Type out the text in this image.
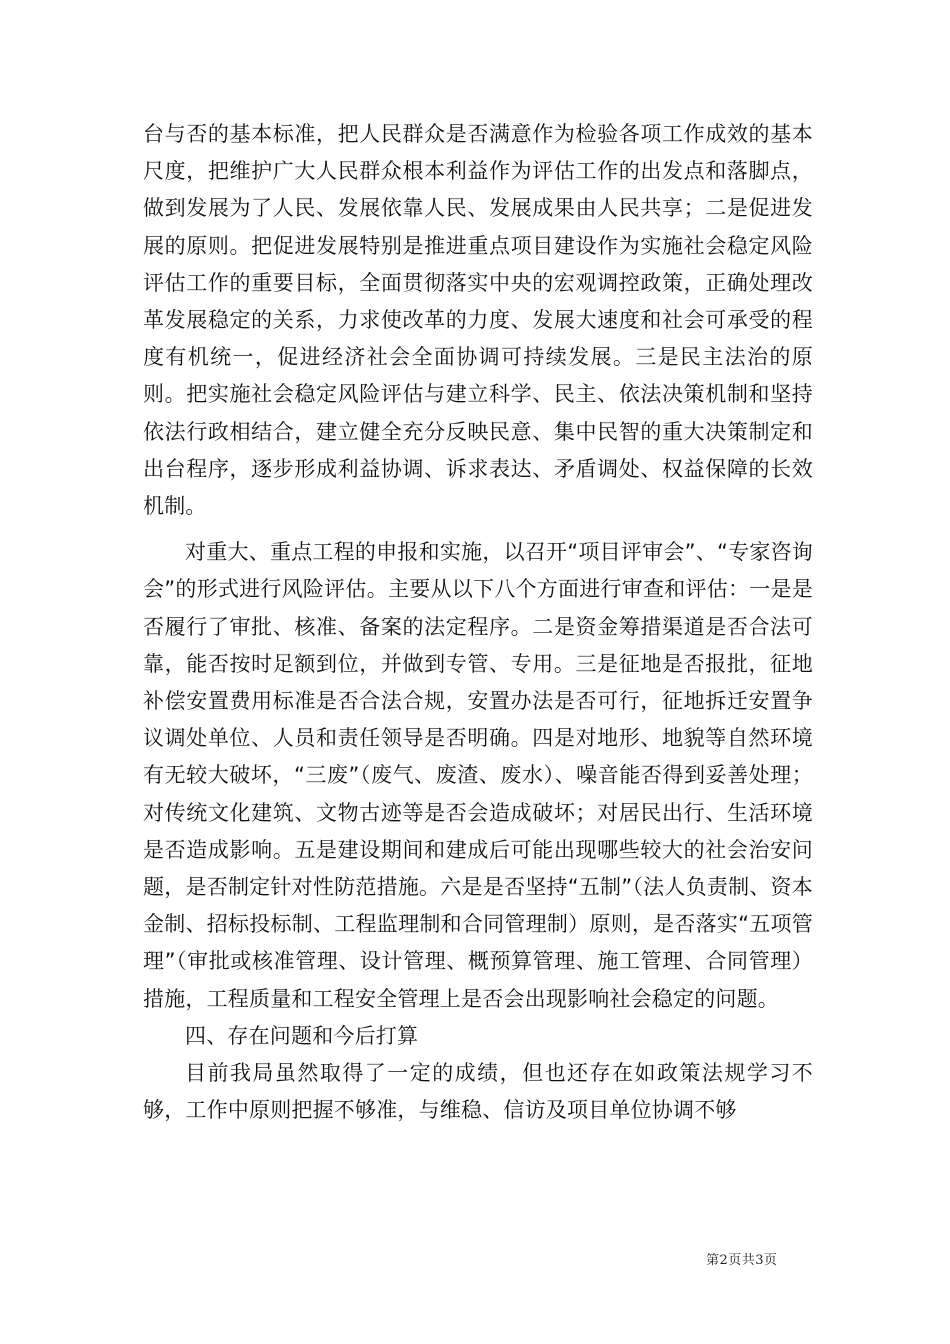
台与否的基本标准，把人民群众是否满意作为检验各项工作成效的基本尺度，把维护广大人民群众根本利益作为评估工作的出发点和落脚点，做到发展为了人民、发展依靠人民、发展成果由人民共享；二是促进发展的原则。把促进发展特别是推进重点项目建设作为实施社会稳定风险评估工作的重要目标，全面贯彻落实中央的宏观调控政策，正确处理改革发展稳定的关系，力求使改革的力度、发展大速度和社会可承受的程度有机统一，促进经济社会全面协调可持续发展。三是民主法治的原则。把实施社会稳定风险评估与建立科学、民主、依法决策机制和坚持依法行政相结合，建立健全充分反映民意、集中民智的重大决策制定和出台程序，逐步形成利益协调、诉求表达、矛盾调处、权益保障的长效机制。

对重大、重点工程的申报和实施，以召开“项目评审会”、“专家咨询会”的形式进行风险评估。主要从以下八个方面进行审查和评估：一是是否履行了审批、核准、备案的法定程序。二是资金筹措渠道是否合法可靠，能否按时足额到位，并做到专管、专用。三是征地是否报批，征地补偿安置费用标准是否合法合规，安置办法是否可行，征地拆迁安置争议调处单位、人员和责任领导是否明确。四是对地形、地貌等自然环境有无较大破坏，“三废”（废气、废渣、废水）、噪音能否得到妥善处理；对传统文化建筑、文物古迹等是否会造成破坏；对居民出行、生活环境是否造成影响。五是建设期间和建成后可能出现哪些较大的社会治安问题，是否制定针对性防范措施。六是是否坚持“五制”（法人负责制、资本金制、招标投标制、工程监理制和合同管理制）原则，是否落实“五项管理”（审批或核准管理、设计管理、概预算管理、施工管理、合同管理）措施，工程质量和工程安全管理上是否会出现影响社会稳定的问题。

四、存在问题和今后打算

目前我局虽然取得了一定的成绩，但也还存在如政策法规学习不够，工作中原则把握不够准，与维稳、信访及项目单位协调不够

第2页共3页
